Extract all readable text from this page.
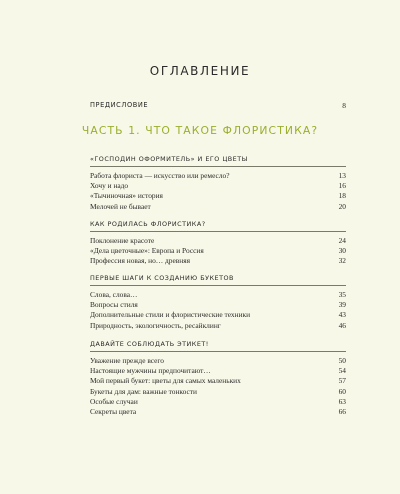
ОГЛАВЛЕНИЕ
ПРЕДИСЛОВИЕ	8
ЧАСТЬ 1. ЧТО ТАКОЕ ФЛОРИСТИКА?
«ГОСПОДИН ОФОРМИТЕЛЬ» И ЕГО ЦВЕТЫ
Работа флориста — искусство или ремесло?	13
Хочу и надо	16
«Тычиночная» история	18
Мелочей не бывает	20
КАК РОДИЛАСЬ ФЛОРИСТИКА?
Поклонение красоте	24
«Дела цветочные»: Европа и Россия	30
Профессия новая, но… древняя	32
ПЕРВЫЕ ШАГИ К СОЗДАНИЮ БУКЕТОВ
Слова, слова…	35
Вопросы стиля	39
Дополнительные стили и флористические техники	43
Природность, экологичность, ресайклинг	46
ДАВАЙТЕ СОБЛЮДАТЬ ЭТИКЕТ!
Уважение прежде всего	50
Настоящие мужчины предпочитают…	54
Мой первый букет: цветы для самых маленьких	57
Букеты для дам: важные тонкости	60
Особые случаи	63
Секреты цвета	66
